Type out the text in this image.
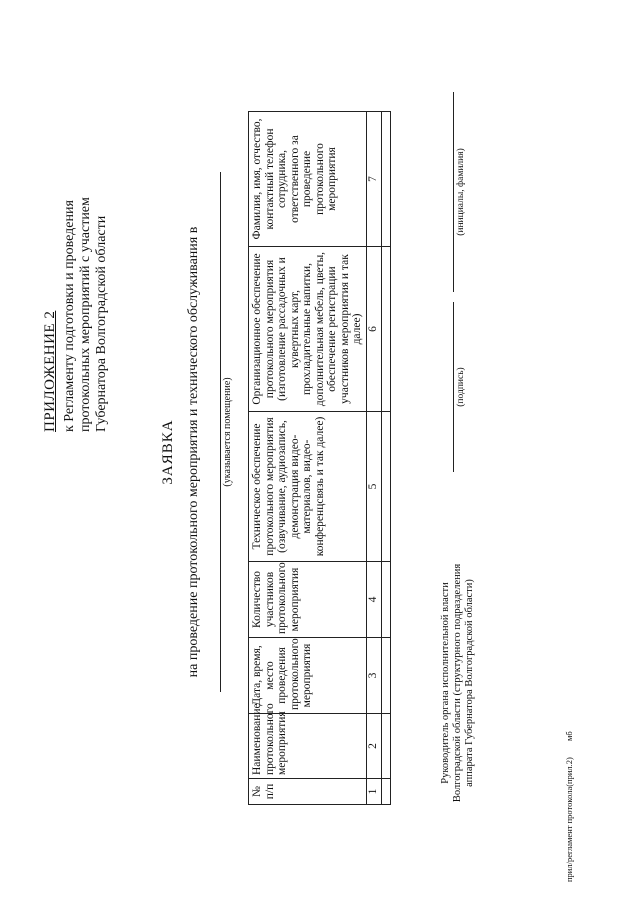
ПРИЛОЖЕНИЕ 2 к Регламенту подготовки и проведения протокольных мероприятий с участием Губернатора Волгоградской области
ЗАЯВКА на проведение протокольного мероприятия и технического обслуживания в (указывается помещение)
№ п/п	Наименование протокольного мероприятия	Дата, время, место проведения протокольного мероприятия	Количество участников протокольного мероприятия	Техническое обеспечение протокольного мероприятия (озвучивание, аудиозапись, демонстрация видео-материалов, видео-конференцсвязь и так далее)	Организационное обеспечение протокольного мероприятия (изготовление рассадочных и кувертных карт, прохладительные напитки, дополнительная мебель, цветы, обеспечение регистрации участников мероприятия и так далее)	Фамилия, имя, отчество, контактный телефон сотрудника, ответственного за проведение протокольного мероприятия
1	2	3	4	5	6	7

Руководитель органа исполнительной власти Волгоградской области (структурного подразделения аппарата Губернатора Волгоградской области)
(подпись)
(инициалы, фамилия)
прил/регламент протокола(прил.2) мб
